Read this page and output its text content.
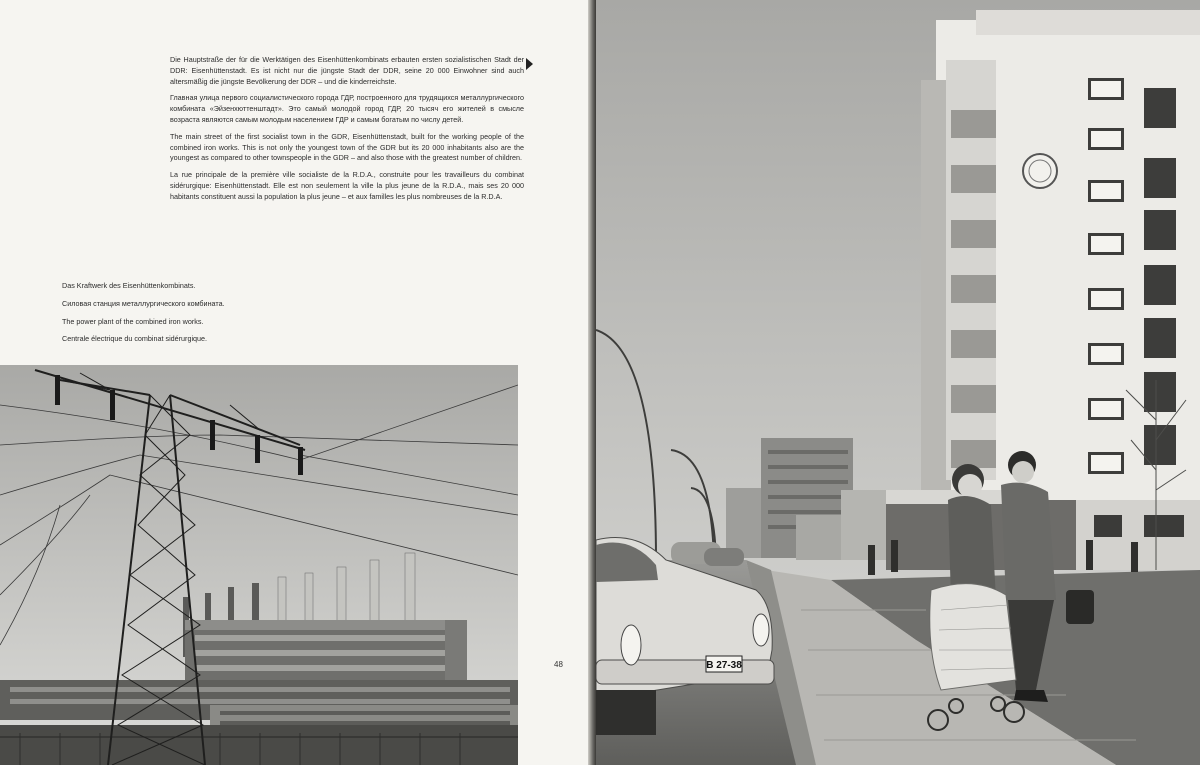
Die Hauptstraße der für die Werktätigen des Eisenhüttenkombinats erbauten ersten sozialistischen Stadt der DDR: Eisenhüttenstadt. Es ist nicht nur die jüngste Stadt der DDR, seine 20 000 Einwohner sind auch altersmäßig die jüngste Bevölkerung der DDR – und die kinderreichste.

Главная улица первого социалистического города ГДР, построенного для трудящихся металлургического комбината «Эйзенхюттенштадт». Это самый молодой город ГДР, 20 тысяч его жителей в смысле возраста являются самым молодым населением ГДР и самым богатым по числу детей.

The main street of the first socialist town in the GDR, Eisenhüttenstadt, built for the working people of the combined iron works. This is not only the youngest town of the GDR but its 20 000 inhabitants also are the youngest as compared to other townspeople in the GDR – and also those with the greatest number of children.

La rue principale de la première ville socialiste de la R.D.A., construite pour les travailleurs du combinat sidérurgique: Eisenhüttenstadt. Elle est non seulement la ville la plus jeune de la R.D.A., mais ses 20 000 habitants constituent aussi la population la plus jeune – et aux familles les plus nombreuses de la R.D.A.

Das Kraftwerk des Eisenhüttenkombinats.

Силовая станция металлургического комбината.

The power plant of the combined iron works.

Centrale électrique du combinat sidérurgique.

48	B 27-38
